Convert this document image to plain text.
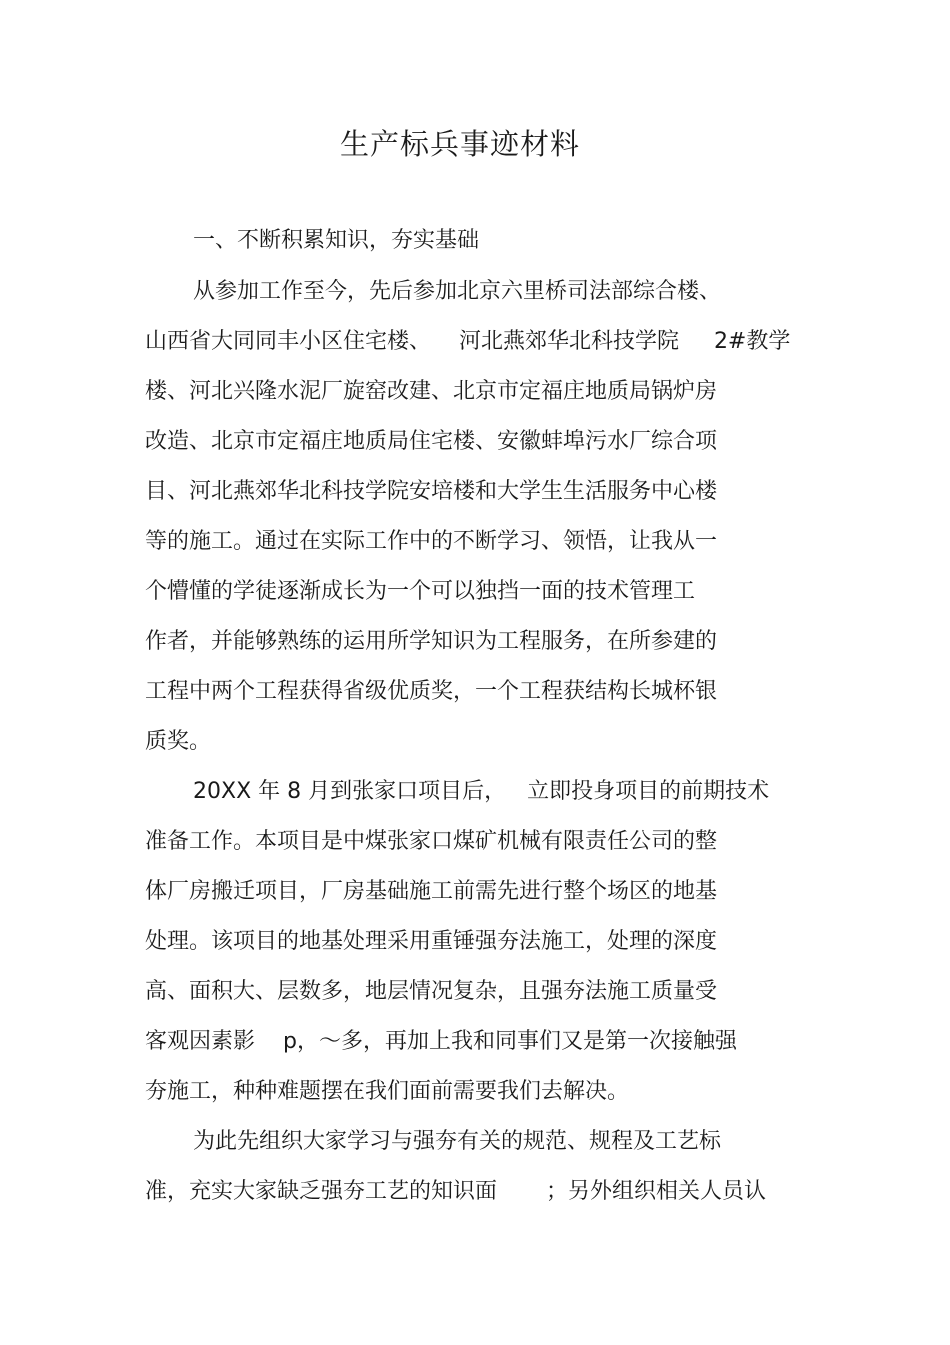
生产标兵事迹材料
一、不断积累知识，夯实基础
从参加工作至今，先后参加北京六里桥司法部综合楼、
山西省大同同丰小区住宅楼、    河北燕郊华北科技学院     2#教学
楼、河北兴隆水泥厂旋窑改建、北京市定福庄地质局锅炉房
改造、北京市定福庄地质局住宅楼、安徽蚌埠污水厂综合项
目、河北燕郊华北科技学院安培楼和大学生生活服务中心楼
等的施工。通过在实际工作中的不断学习、领悟，让我从一
个懵懂的学徒逐渐成长为一个可以独挡一面的技术管理工
作者，并能够熟练的运用所学知识为工程服务，在所参建的
工程中两个工程获得省级优质奖，一个工程获结构长城杯银
质奖。
20XX 年 8 月到张家口项目后，   立即投身项目的前期技术
准备工作。本项目是中煤张家口煤矿机械有限责任公司的整
体厂房搬迁项目，厂房基础施工前需先进行整个场区的地基
处理。该项目的地基处理采用重锤强夯法施工，处理的深度
高、面积大、层数多，地层情况复杂，且强夯法施工质量受
客观因素影    p，～多，再加上我和同事们又是第一次接触强
夯施工，种种难题摆在我们面前需要我们去解决。
为此先组织大家学习与强夯有关的规范、规程及工艺标
准，充实大家缺乏强夯工艺的知识面       ；另外组织相关人员认
